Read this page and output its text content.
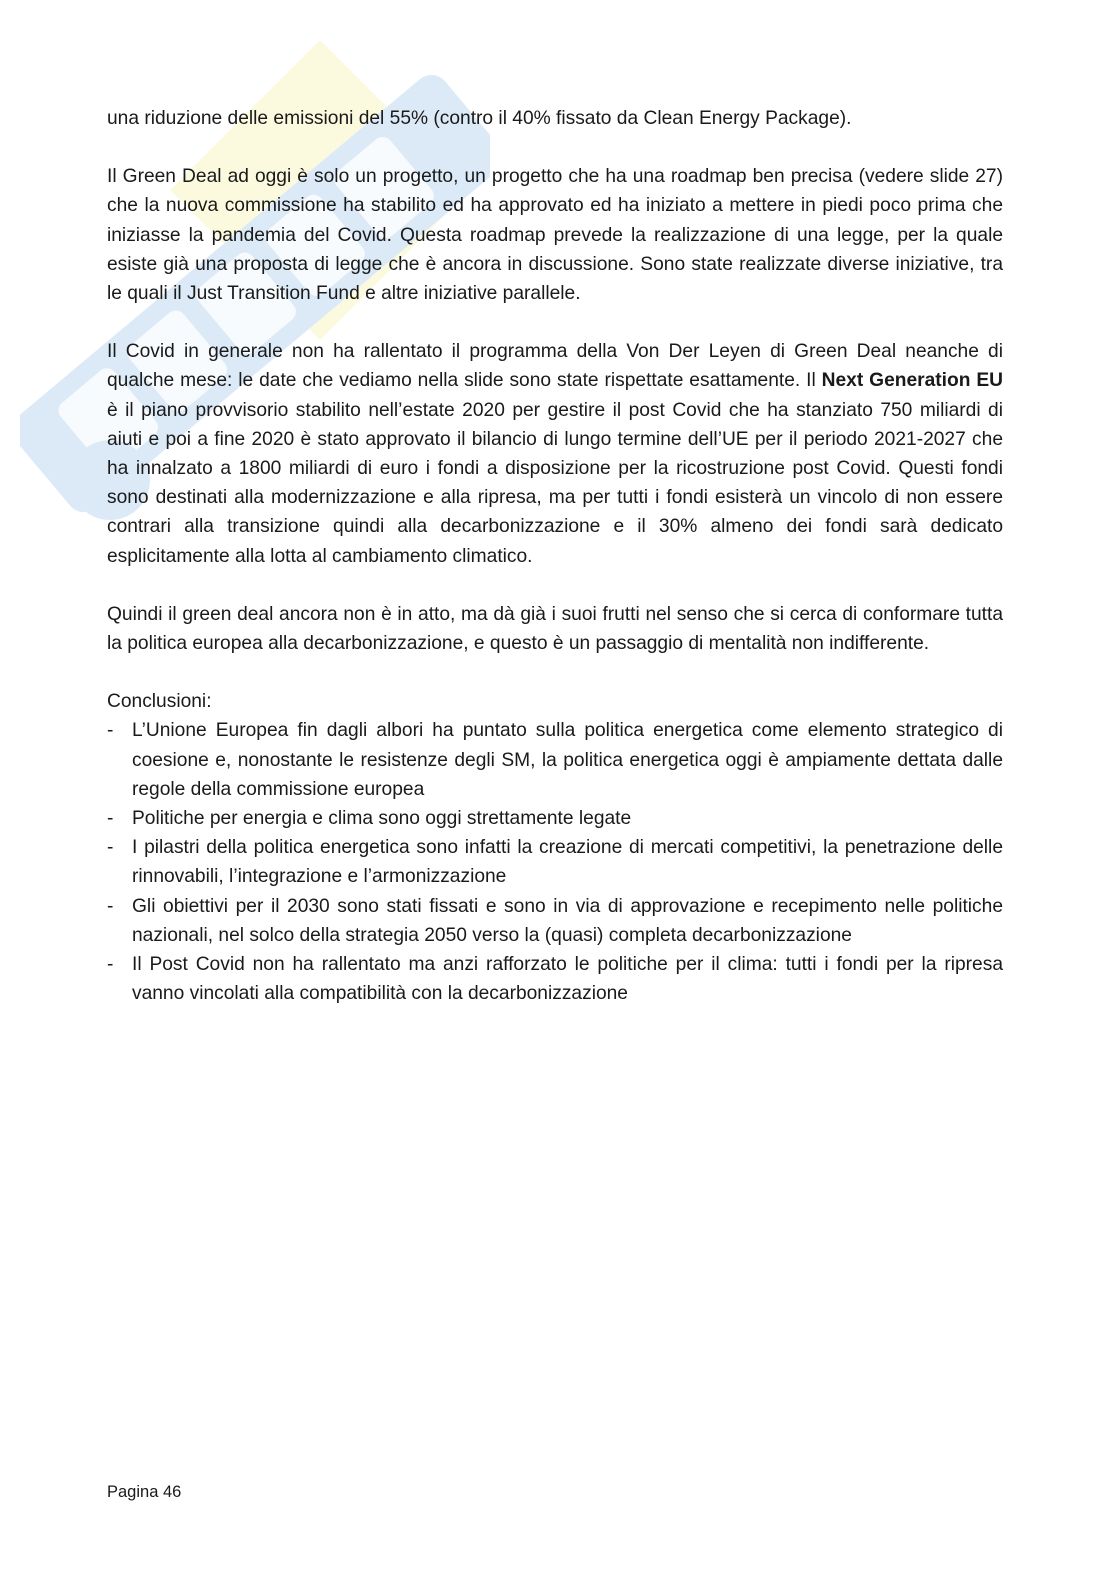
una riduzione delle emissioni del 55% (contro il 40% fissato da Clean Energy Package).

Il Green Deal ad oggi è solo un progetto, un progetto che ha una roadmap ben precisa (vedere slide 27) che la nuova commissione ha stabilito ed ha approvato ed ha iniziato a mettere in piedi poco prima che iniziasse la pandemia del Covid. Questa roadmap prevede la realizzazione di una legge, per la quale esiste già una proposta di legge che è ancora in discussione. Sono state realizzate diverse iniziative, tra le quali il Just Transition Fund e altre iniziative parallele.

Il Covid in generale non ha rallentato il programma della Von Der Leyen di Green Deal neanche di qualche mese: le date che vediamo nella slide sono state rispettate esattamente. Il Next Generation EU è il piano provvisorio stabilito nell’estate 2020 per gestire il post Covid che ha stanziato 750 miliardi di aiuti e poi a fine 2020 è stato approvato il bilancio di lungo termine dell’UE per il periodo 2021-2027 che ha innalzato a 1800 miliardi di euro i fondi a disposizione per la ricostruzione post Covid. Questi fondi sono destinati alla modernizzazione e alla ripresa, ma per tutti i fondi esisterà un vincolo di non essere contrari alla transizione quindi alla decarbonizzazione e il 30% almeno dei fondi sarà dedicato esplicitamente alla lotta al cambiamento climatico.

Quindi il green deal ancora non è in atto, ma dà già i suoi frutti nel senso che si cerca di conformare tutta la politica europea alla decarbonizzazione, e questo è un passaggio di mentalità non indifferente.

Conclusioni:

- L’Unione Europea fin dagli albori ha puntato sulla politica energetica come elemento strategico di coesione e, nonostante le resistenze degli SM, la politica energetica oggi è ampiamente dettata dalle regole della commissione europea
- Politiche per energia e clima sono oggi strettamente legate
- I pilastri della politica energetica sono infatti la creazione di mercati competitivi, la penetrazione delle rinnovabili, l’integrazione e l’armonizzazione
- Gli obiettivi per il 2030 sono stati fissati e sono in via di approvazione e recepimento nelle politiche nazionali, nel solco della strategia 2050 verso la (quasi) completa decarbonizzazione
- Il Post Covid non ha rallentato ma anzi rafforzato le politiche per il clima: tutti i fondi per la ripresa vanno vincolati alla compatibilità con la decarbonizzazione
Pagina 46
